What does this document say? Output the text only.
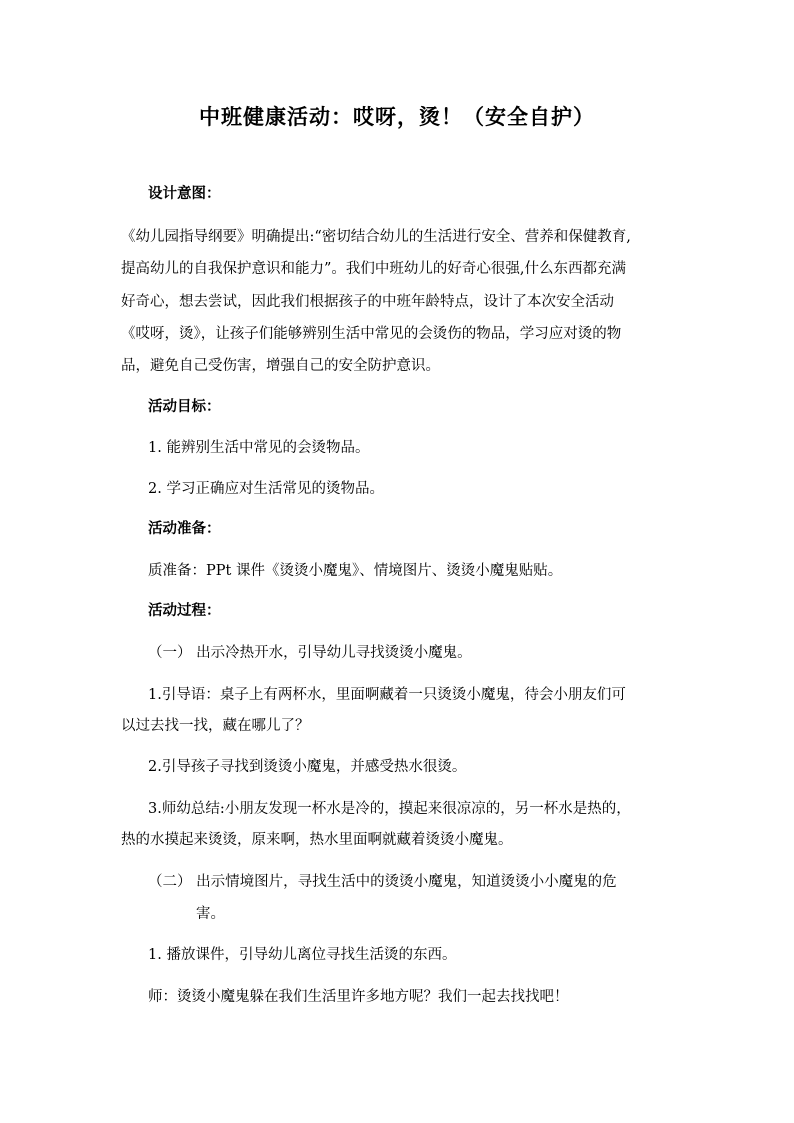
中班健康活动：哎呀，烫！（安全自护）
设计意图：
《幼儿园指导纲要》明确提出:“密切结合幼儿的生活进行安全、营养和保健教育,
提高幼儿的自我保护意识和能力”。我们中班幼儿的好奇心很强,什么东西都充满
好奇心，想去尝试，因此我们根据孩子的中班年龄特点，设计了本次安全活动
《哎呀，烫》，让孩子们能够辨别生活中常见的会烫伤的物品，学习应对烫的物
品，避免自己受伤害，增强自己的安全防护意识。
活动目标：
1. 能辨别生活中常见的会烫物品。
2. 学习正确应对生活常见的烫物品。
活动准备：
质准备：PPt 课件《烫烫小魔鬼》、情境图片、烫烫小魔鬼贴贴。
活动过程：
（一） 出示冷热开水，引导幼儿寻找烫烫小魔鬼。
1.引导语：桌子上有两杯水，里面啊藏着一只烫烫小魔鬼，待会小朋友们可
以过去找一找，藏在哪儿了？
2.引导孩子寻找到烫烫小魔鬼，并感受热水很烫。
3.师幼总结:小朋友发现一杯水是冷的，摸起来很凉凉的，另一杯水是热的，
热的水摸起来烫烫，原来啊，热水里面啊就藏着烫烫小魔鬼。
（二） 出示情境图片，寻找生活中的烫烫小魔鬼，知道烫烫小小魔鬼的危
害。
1. 播放课件，引导幼儿离位寻找生活烫的东西。
师：烫烫小魔鬼躲在我们生活里许多地方呢？我们一起去找找吧！
